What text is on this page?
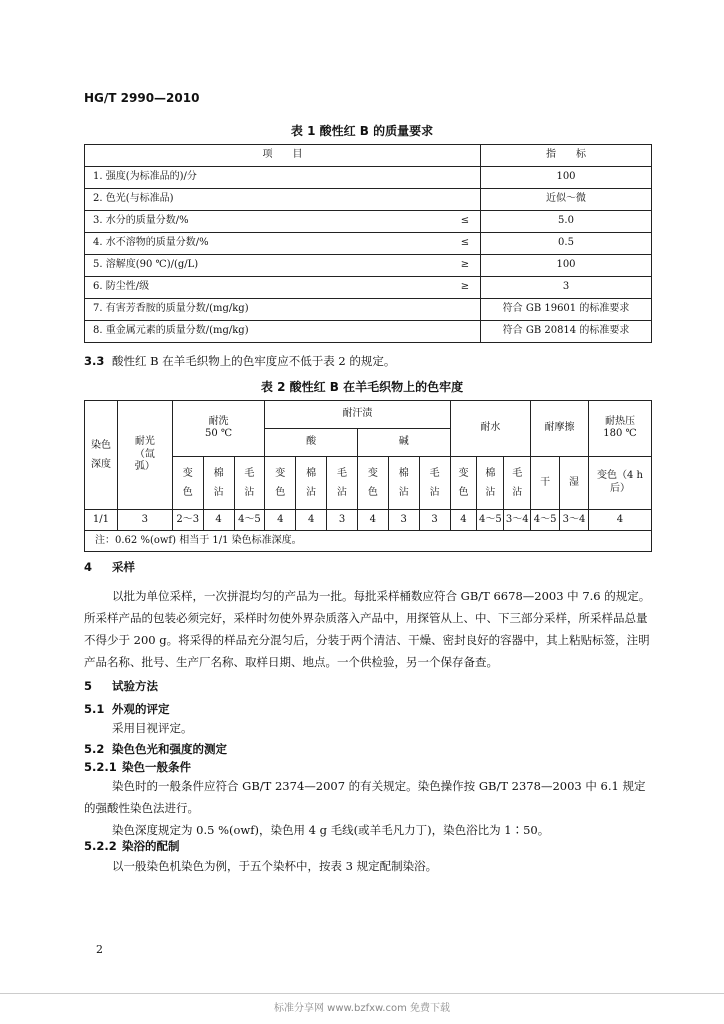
HG/T 2990—2010
表 1 酸性红 B 的质量要求
项　　目		指　　标
1. 强度(为标准品的)/分		100
2. 色光(与标准品)		近似～微
3. 水分的质量分数/%	≤	5.0
4. 水不溶物的质量分数/%	≤	0.5
5. 溶解度(90 ℃)/(g/L)	≥	100
6. 防尘性/级	≥	3
7. 有害芳香胺的质量分数/(mg/kg)		符合 GB 19601 的标准要求
8. 重金属元素的质量分数/(mg/kg)		符合 GB 20814 的标准要求
3.3 酸性红 B 在羊毛织物上的色牢度应不低于表 2 的规定。
表 2 酸性红 B 在羊毛织物上的色牢度
染色深度	耐光（氙弧）	耐洗 50 ℃			耐汗渍						耐水			耐摩擦		耐热压 180 ℃

					酸			碱								
		变色	棉沾	毛沾	变色	棉沾	毛沾	变色	棉沾	毛沾	变色	棉沾	毛沾	干	湿	变色（4 h后）

1/1	3	2～3	4	4～5	4	4	3	4	3	3	4	4～5	3～4	4～5	3～4	4
注：0.62 %(owf) 相当于 1/1 染色标准深度。																
4 采样
以批为单位采样，一次拼混均匀的产品为一批。每批采样桶数应符合 GB/T 6678—2003 中 7.6 的规定。所采样产品的包装必须完好，采样时勿使外界杂质落入产品中，用探管从上、中、下三部分采样，所采样品总量不得少于 200 g。将采得的样品充分混匀后，分装于两个清洁、干燥、密封良好的容器中，其上粘贴标签，注明产品名称、批号、生产厂名称、取样日期、地点。一个供检验，另一个保存备查。
5 试验方法
5.1 外观的评定
采用目视评定。
5.2 染色色光和强度的测定
5.2.1 染色一般条件
染色时的一般条件应符合 GB/T 2374—2007 的有关规定。染色操作按 GB/T 2378—2003 中 6.1 规定的强酸性染色法进行。
染色深度规定为 0.5 %(owf)，染色用 4 g 毛线(或羊毛凡力丁)，染色浴比为 1∶50。
5.2.2 染浴的配制
以一般染色机染色为例，于五个染杯中，按表 3 规定配制染浴。
2
标准分享网 www.bzfxw.com 免费下载
